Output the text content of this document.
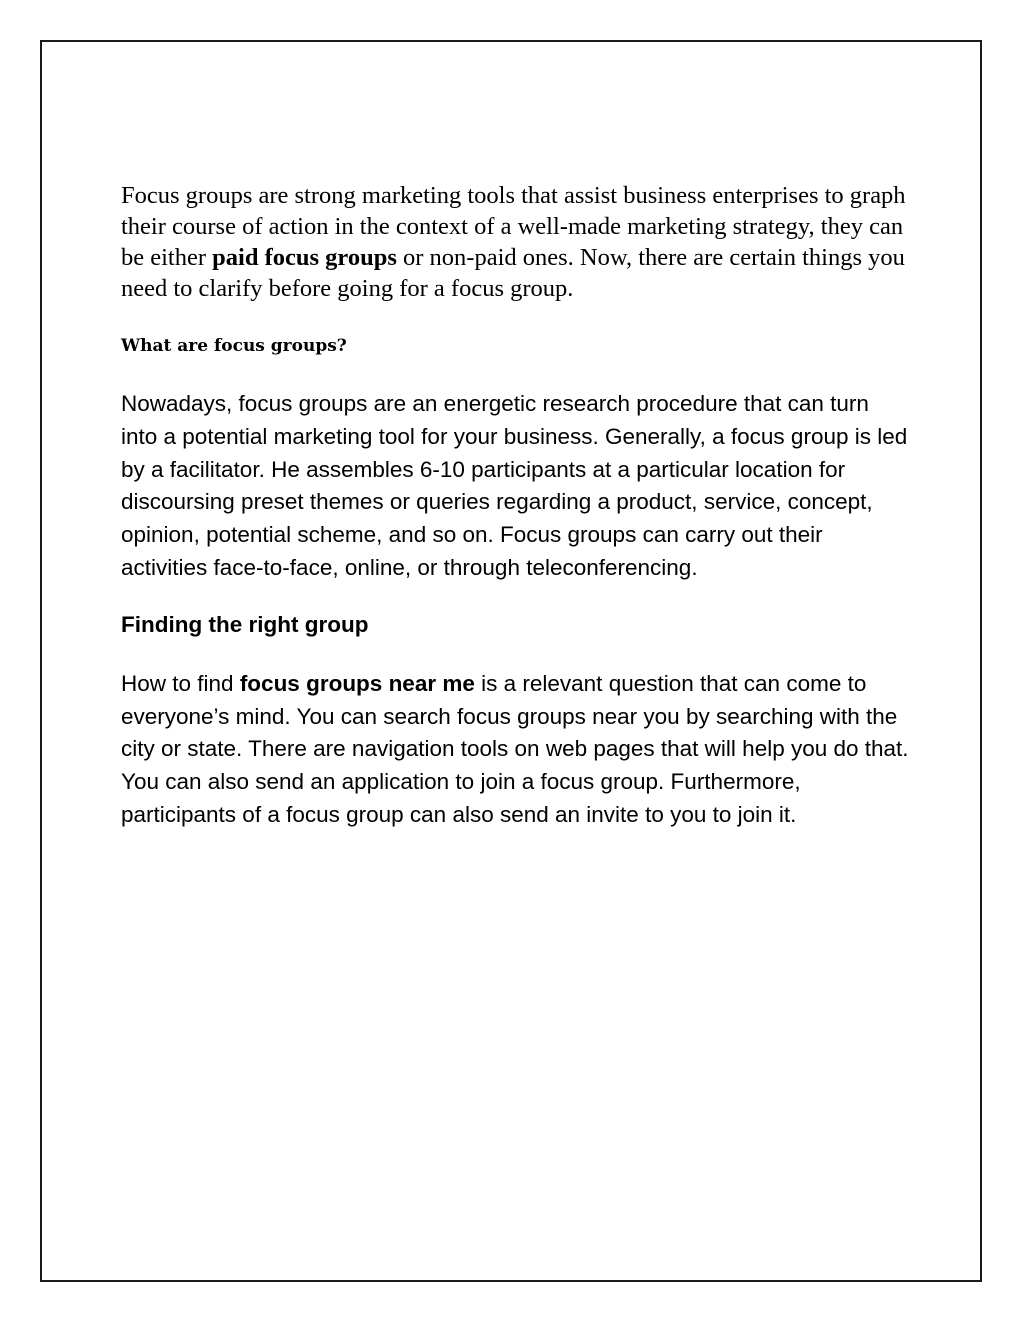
Focus groups are strong marketing tools that assist business enterprises to graph their course of action in the context of a well-made marketing strategy, they can be either paid focus groups or non-paid ones. Now, there are certain things you need to clarify before going for a focus group.

What are focus groups?

Nowadays, focus groups are an energetic research procedure that can turn into a potential marketing tool for your business. Generally, a focus group is led by a facilitator. He assembles 6-10 participants at a particular location for discoursing preset themes or queries regarding a product, service, concept, opinion, potential scheme, and so on. Focus groups can carry out their activities face-to-face, online, or through teleconferencing.

Finding the right group

How to find focus groups near me is a relevant question that can come to everyone’s mind. You can search focus groups near you by searching with the city or state. There are navigation tools on web pages that will help you do that. You can also send an application to join a focus group. Furthermore, participants of a focus group can also send an invite to you to join it.
